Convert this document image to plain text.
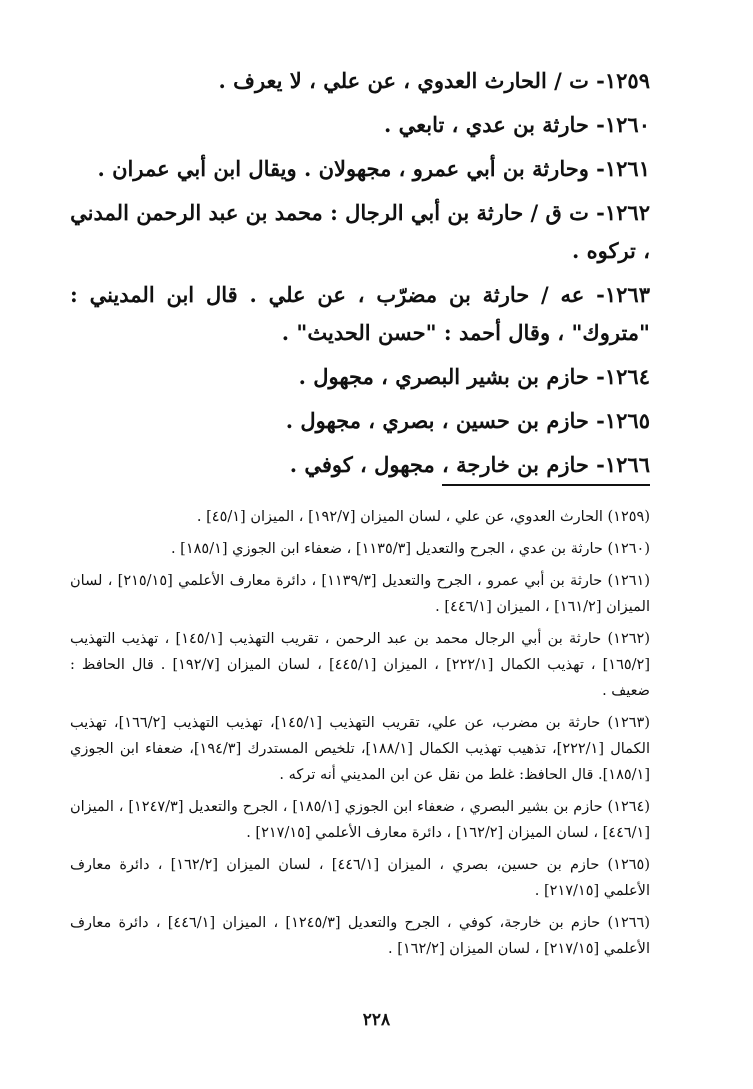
١٢٥٩- ت / الحارث العدوي ، عن علي ، لا يعرف .

١٢٦٠- حارثة بن عدي ، تابعي .

١٢٦١- وحارثة بن أبي عمرو ، مجهولان . ويقال ابن أبي عمران .

١٢٦٢- ت ق / حارثة بن أبي الرجال : محمد بن عبد الرحمن المدني ، تركوه .

١٢٦٣- عه / حارثة بن مضرّب ، عن علي . قال ابن المديني : "متروك" ، وقال أحمد : "حسن الحديث" .

١٢٦٤- حازم بن بشير البصري ، مجهول .

١٢٦٥- حازم بن حسين ، بصري ، مجهول .

١٢٦٦- حازم بن خارجة ، مجهول ، كوفي .

(١٢٥٩) الحارث العدوي، عن علي ، لسان الميزان [١٩٢/٧] ، الميزان [٤٥/١] .

(١٢٦٠) حارثة بن عدي ، الجرح والتعديل [١١٣٥/٣] ، ضعفاء ابن الجوزي [١٨٥/١] .

(١٢٦١) حارثة بن أبي عمرو ، الجرح والتعديل [١١٣٩/٣] ، دائرة معارف الأعلمي [٢١٥/١٥] ، لسان الميزان [١٦١/٢] ، الميزان [٤٤٦/١] .

(١٢٦٢) حارثة بن أبي الرجال محمد بن عبد الرحمن ، تقريب التهذيب [١٤٥/١] ، تهذيب التهذيب [١٦٥/٢] ، تهذيب الكمال [٢٢٢/١] ، الميزان [٤٤٥/١] ، لسان الميزان [١٩٢/٧] . قال الحافظ : ضعيف .

(١٢٦٣) حارثة بن مضرب، عن علي، تقريب التهذيب [١٤٥/١]، تهذيب التهذيب [١٦٦/٢]، تهذيب الكمال [٢٢٢/١]، تذهيب تهذيب الكمال [١٨٨/١]، تلخيص المستدرك [١٩٤/٣]، ضعفاء ابن الجوزي [١٨٥/١]. قال الحافظ: غلط من نقل عن ابن المديني أنه تركه .

(١٢٦٤) حازم بن بشير البصري ، ضعفاء ابن الجوزي [١٨٥/١] ، الجرح والتعديل [١٢٤٧/٣] ، الميزان [٤٤٦/١] ، لسان الميزان [١٦٢/٢] ، دائرة معارف الأعلمي [٢١٧/١٥] .

(١٢٦٥) حازم بن حسين، بصري ، الميزان [٤٤٦/١] ، لسان الميزان [١٦٢/٢] ، دائرة معارف الأعلمي [٢١٧/١٥] .

(١٢٦٦) حازم بن خارجة، كوفي ، الجرح والتعديل [١٢٤٥/٣] ، الميزان [٤٤٦/١] ، دائرة معارف الأعلمي [٢١٧/١٥] ، لسان الميزان [١٦٢/٢] .

٢٢٨
